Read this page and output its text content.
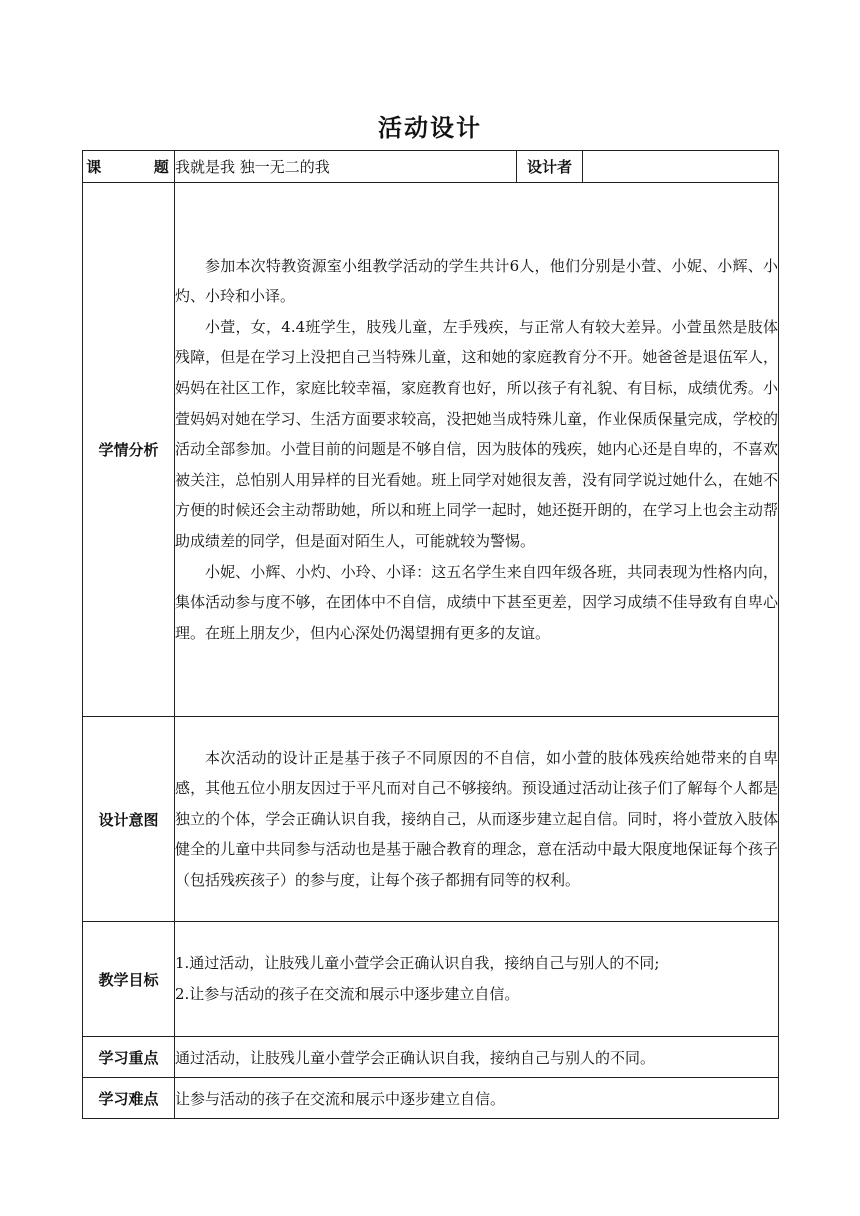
活动设计
课       题	我就是我 独一无二的我	设计者	
学情分析	参加本次特教资源室小组教学活动的学生共计6人，他们分别是小萱、小妮、小辉、小灼、小玲和小译。

小萱，女，4.4班学生，肢残儿童，左手残疾，与正常人有较大差异。小萱虽然是肢体残障，但是在学习上没把自己当特殊儿童，这和她的家庭教育分不开。她爸爸是退伍军人，妈妈在社区工作，家庭比较幸福，家庭教育也好，所以孩子有礼貌、有目标，成绩优秀。小萱妈妈对她在学习、生活方面要求较高，没把她当成特殊儿童，作业保质保量完成，学校的活动全部参加。小萱目前的问题是不够自信，因为肢体的残疾，她内心还是自卑的，不喜欢被关注，总怕别人用异样的目光看她。班上同学对她很友善，没有同学说过她什么，在她不方便的时候还会主动帮助她，所以和班上同学一起时，她还挺开朗的，在学习上也会主动帮助成绩差的同学，但是面对陌生人，可能就较为警惕。

小妮、小辉、小灼、小玲、小译：这五名学生来自四年级各班，共同表现为性格内向，集体活动参与度不够，在团体中不自信，成绩中下甚至更差，因学习成绩不佳导致有自卑心理。在班上朋友少，但内心深处仍渴望拥有更多的友谊。		

设计意图	本次活动的设计正是基于孩子不同原因的不自信，如小萱的肢体残疾给她带来的自卑感，其他五位小朋友因过于平凡而对自己不够接纳。预设通过活动让孩子们了解每个人都是独立的个体，学会正确认识自我，接纳自己，从而逐步建立起自信。同时，将小萱放入肢体健全的儿童中共同参与活动也是基于融合教育的理念，意在活动中最大限度地保证每个孩子（包括残疾孩子）的参与度，让每个孩子都拥有同等的权利。		

教学目标	1.通过活动，让肢残儿童小萱学会正确认识自我，接纳自己与别人的不同;
2.让参与活动的孩子在交流和展示中逐步建立自信。		

学习重点	通过活动，让肢残儿童小萱学会正确认识自我，接纳自己与别人的不同。		
学习难点	让参与活动的孩子在交流和展示中逐步建立自信。		
